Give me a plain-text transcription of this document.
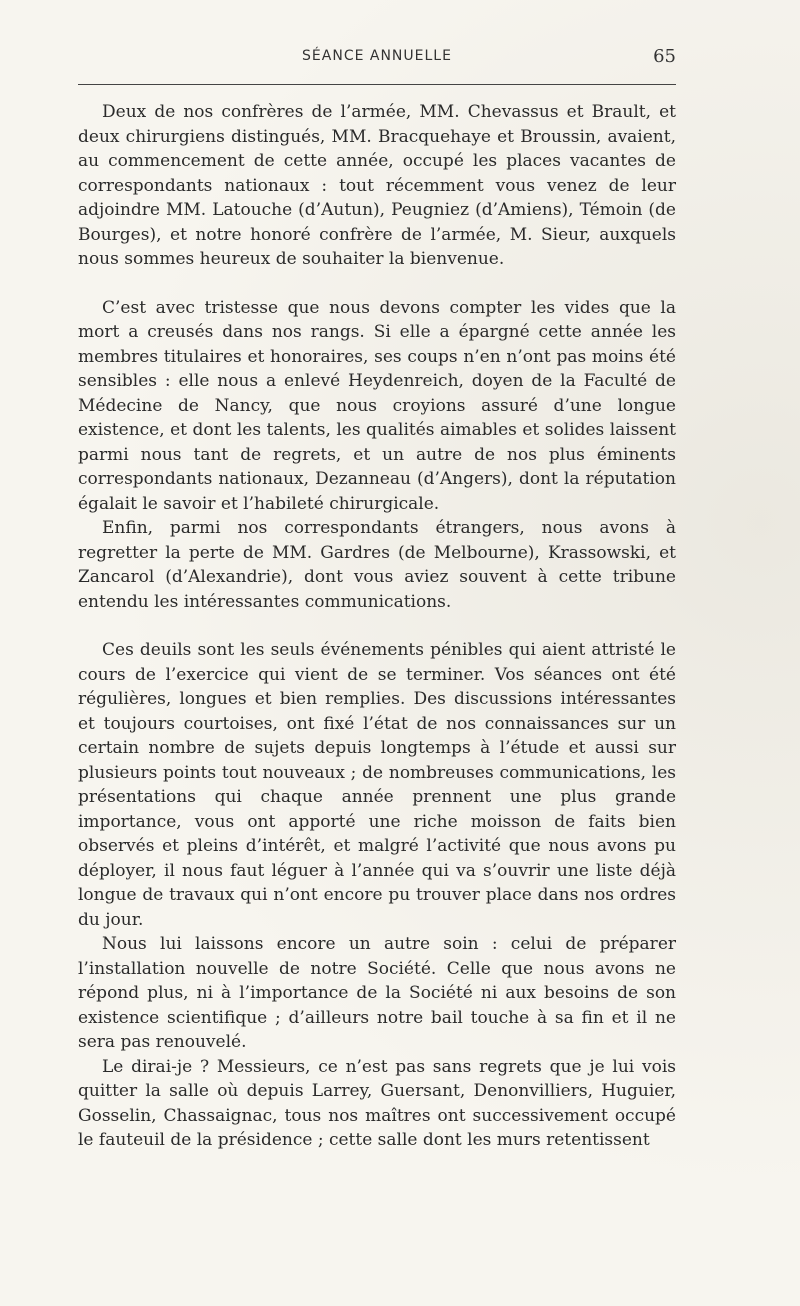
SÉANCE ANNUELLE	65

Deux de nos confrères de l’armée, MM. Chevassus et Brault, et deux chirurgiens distingués, MM. Bracquehaye et Broussin, avaient, au commencement de cette année, occupé les places vacantes de correspondants nationaux : tout récemment vous venez de leur adjoindre MM. Latouche (d’Autun), Peugniez (d’Amiens), Témoin (de Bourges), et notre honoré confrère de l’armée, M. Sieur, auxquels nous sommes heureux de souhaiter la bienvenue.

C’est avec tristesse que nous devons compter les vides que la mort a creusés dans nos rangs. Si elle a épargné cette année les membres titulaires et honoraires, ses coups n’en n’ont pas moins été sensibles : elle nous a enlevé Heydenreich, doyen de la Faculté de Médecine de Nancy, que nous croyions assuré d’une longue existence, et dont les talents, les qualités aimables et solides laissent parmi nous tant de regrets, et un autre de nos plus éminents correspondants nationaux, Dezanneau (d’Angers), dont la réputation égalait le savoir et l’habileté chirurgicale.

Enfin, parmi nos correspondants étrangers, nous avons à regretter la perte de MM. Gardres (de Melbourne), Krassowski, et Zancarol (d’Alexandrie), dont vous aviez souvent à cette tribune entendu les intéressantes communications.

Ces deuils sont les seuls événements pénibles qui aient attristé le cours de l’exercice qui vient de se terminer. Vos séances ont été régulières, longues et bien remplies. Des discussions intéressantes et toujours courtoises, ont fixé l’état de nos connaissances sur un certain nombre de sujets depuis longtemps à l’étude et aussi sur plusieurs points tout nouveaux ; de nombreuses communications, les présentations qui chaque année prennent une plus grande importance, vous ont apporté une riche moisson de faits bien observés et pleins d’intérêt, et malgré l’activité que nous avons pu déployer, il nous faut léguer à l’année qui va s’ouvrir une liste déjà longue de travaux qui n’ont encore pu trouver place dans nos ordres du jour.

Nous lui laissons encore un autre soin : celui de préparer l’installation nouvelle de notre Société. Celle que nous avons ne répond plus, ni à l’importance de la Société ni aux besoins de son existence scientifique ; d’ailleurs notre bail touche à sa fin et il ne sera pas renouvelé.

Le dirai-je ? Messieurs, ce n’est pas sans regrets que je lui vois quitter la salle où depuis Larrey, Guersant, Denonvilliers, Huguier, Gosselin, Chassaignac, tous nos maîtres ont successivement occupé le fauteuil de la présidence ; cette salle dont les murs retentissent
